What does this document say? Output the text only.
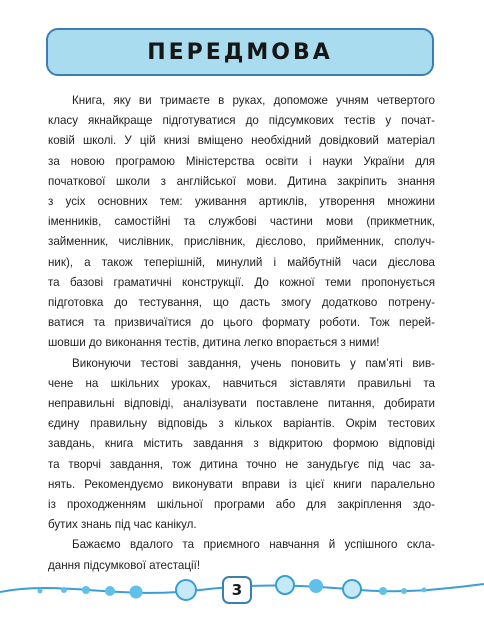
ПЕРЕДМОВА
Книга, яку ви тримаєте в руках, допоможе учням четвертого
класу якнайкраще підготуватися до підсумкових тестів у почат-
ковій школі. У цій книзі вміщено необхідний довідковий матеріал
за новою програмою Міністерства освіти і науки України для
початкової школи з англійської мови. Дитина закріпить знання
з усіх основних тем: уживання артиклів, утворення множини
іменників, самостійні та службові частини мови (прикметник,
займенник, числівник, прислівник, дієслово, прийменник, сполуч-
ник), а також теперішній, минулий і майбутній часи дієслова
та базові граматичні конструкції. До кожної теми пропонується
підготовка до тестування, що дасть змогу додатково потрену-
ватися та призвичаїтися до цього формату роботи. Тож перей-
шовши до виконання тестів, дитина легко впорається з ними!
Виконуючи тестові завдання, учень поновить у пам’яті вив-
чене на шкільних уроках, навчиться зіставляти правильні та
неправильні відповіді, аналізувати поставлене питання, добирати
єдину правильну відповідь з кількох варіантів. Окрім тестових
завдань, книга містить завдання з відкритою формою відповіді
та творчі завдання, тож дитина точно не занудьгує під час за-
нять. Рекомендуємо виконувати вправи із цієї книги паралельно
із проходженням шкільної програми або для закріплення здо-
бутих знань під час канікул.
Бажаємо вдалого та приємного навчання й успішного скла-
дання підсумкової атестації!
3
